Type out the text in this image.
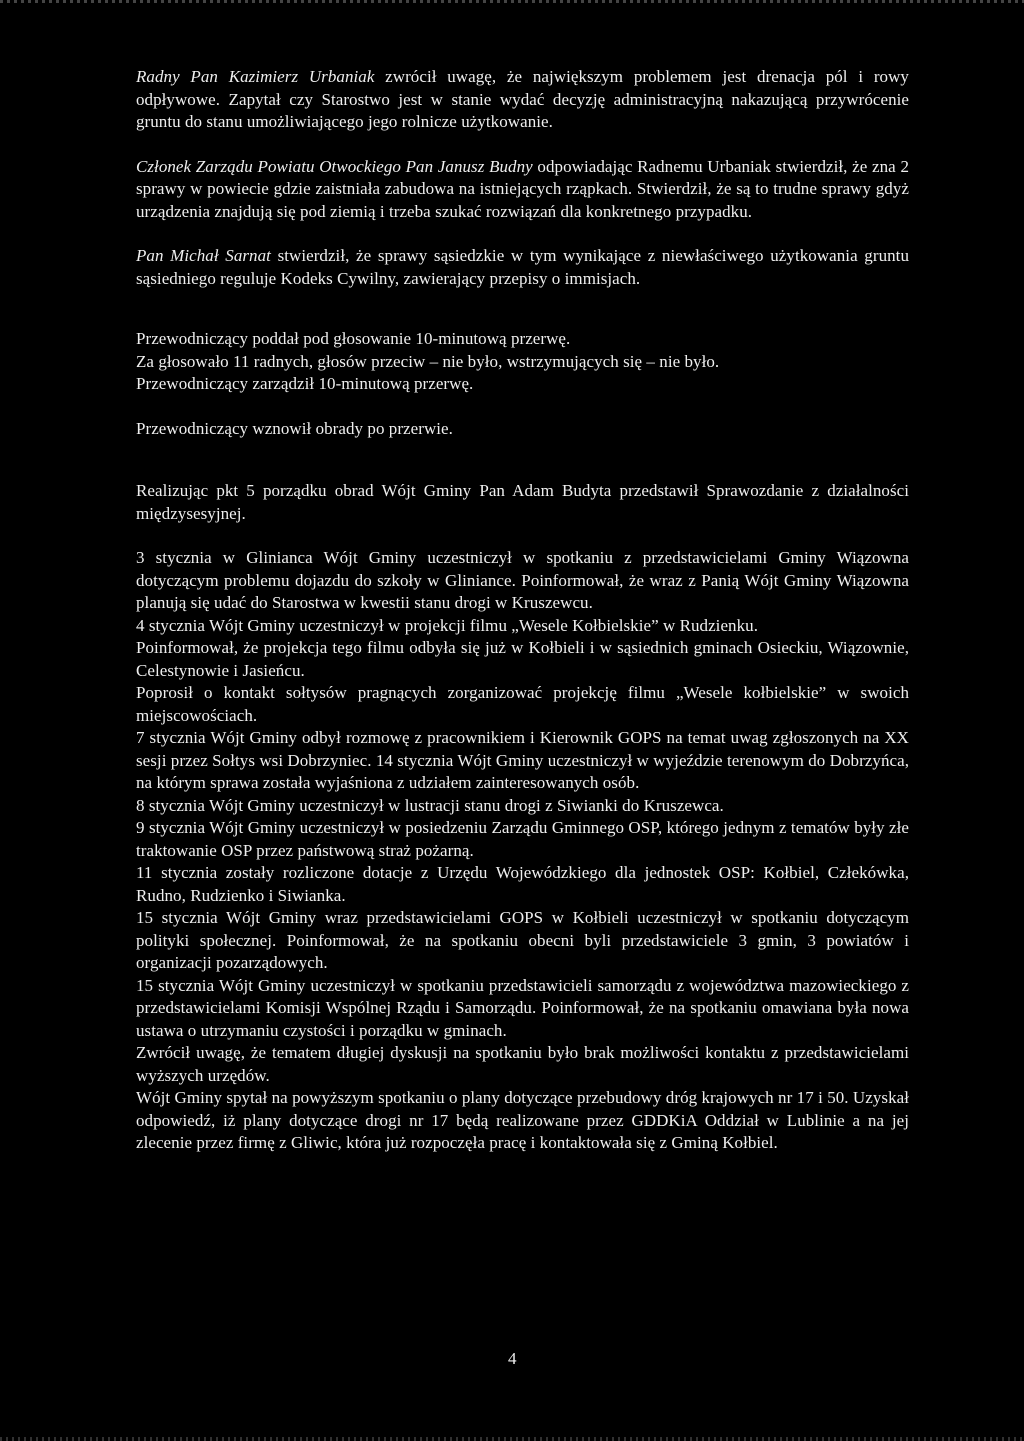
Radny Pan Kazimierz Urbaniak zwrócił uwagę, że największym problemem jest drenacja pól i rowy odpływowe. Zapytał czy Starostwo jest w stanie wydać decyzję administracyjną nakazującą przywrócenie gruntu do stanu umożliwiającego jego rolnicze użytkowanie.

Członek Zarządu Powiatu Otwockiego Pan Janusz Budny odpowiadając Radnemu Urbaniak stwierdził, że zna 2 sprawy w powiecie gdzie zaistniała zabudowa na istniejących rząpkach. Stwierdził, że są to trudne sprawy gdyż urządzenia znajdują się pod ziemią i trzeba szukać rozwiązań dla konkretnego przypadku.

Pan Michał Sarnat stwierdził, że sprawy sąsiedzkie w tym wynikające z niewłaściwego użytkowania gruntu sąsiedniego reguluje Kodeks Cywilny, zawierający przepisy o immisjach.

Przewodniczący poddał pod głosowanie 10-minutową przerwę.

Za głosowało 11 radnych, głosów przeciw – nie było, wstrzymujących się – nie było.

Przewodniczący zarządził 10-minutową przerwę.

Przewodniczący wznowił obrady po przerwie.

Realizując pkt 5 porządku obrad Wójt Gminy Pan Adam Budyta przedstawił Sprawozdanie z działalności międzysesyjnej.

3 stycznia w Glinianca Wójt Gminy uczestniczył w spotkaniu z przedstawicielami Gminy Wiązowna dotyczącym problemu dojazdu do szkoły w Gliniance. Poinformował, że wraz z Panią Wójt Gminy Wiązowna planują się udać do Starostwa w kwestii stanu drogi w Kruszewcu.

4 stycznia Wójt Gminy uczestniczył w projekcji filmu „Wesele Kołbielskie” w Rudzienku.

Poinformował, że projekcja tego filmu odbyła się już w Kołbieli i w sąsiednich gminach Osieckiu, Wiązownie, Celestynowie i Jasieńcu.

Poprosił o kontakt sołtysów pragnących zorganizować projekcję filmu „Wesele kołbielskie” w swoich miejscowościach.

7 stycznia Wójt Gminy odbył rozmowę z pracownikiem i Kierownik GOPS na temat uwag zgłoszonych na XX sesji przez Sołtys wsi Dobrzyniec. 14 stycznia Wójt Gminy uczestniczył w wyjeździe terenowym do Dobrzyńca, na którym sprawa została wyjaśniona z udziałem zainteresowanych osób.

8 stycznia Wójt Gminy uczestniczył w lustracji stanu drogi z Siwianki do Kruszewca.

9 stycznia Wójt Gminy uczestniczył w posiedzeniu Zarządu Gminnego OSP, którego jednym z tematów były złe traktowanie OSP przez państwową straż pożarną.

11 stycznia zostały rozliczone dotacje z Urzędu Wojewódzkiego dla jednostek OSP: Kołbiel, Człekówka, Rudno, Rudzienko i Siwianka.

15 stycznia Wójt Gminy wraz przedstawicielami GOPS w Kołbieli uczestniczył w spotkaniu dotyczącym polityki społecznej. Poinformował, że na spotkaniu obecni byli przedstawiciele 3 gmin, 3 powiatów i organizacji pozarządowych.

15 stycznia Wójt Gminy uczestniczył w spotkaniu przedstawicieli samorządu z województwa mazowieckiego z przedstawicielami Komisji Wspólnej Rządu i Samorządu. Poinformował, że na spotkaniu omawiana była nowa ustawa o utrzymaniu czystości i porządku w gminach.

Zwrócił uwagę, że tematem długiej dyskusji na spotkaniu było brak możliwości kontaktu z przedstawicielami wyższych urzędów.

Wójt Gminy spytał na powyższym spotkaniu o plany dotyczące przebudowy dróg krajowych nr 17 i 50. Uzyskał odpowiedź, iż plany dotyczące drogi nr 17 będą realizowane przez GDDKiA Oddział w Lublinie a na jej zlecenie przez firmę z Gliwic, która już rozpoczęła pracę i kontaktowała się z Gminą Kołbiel.

4
